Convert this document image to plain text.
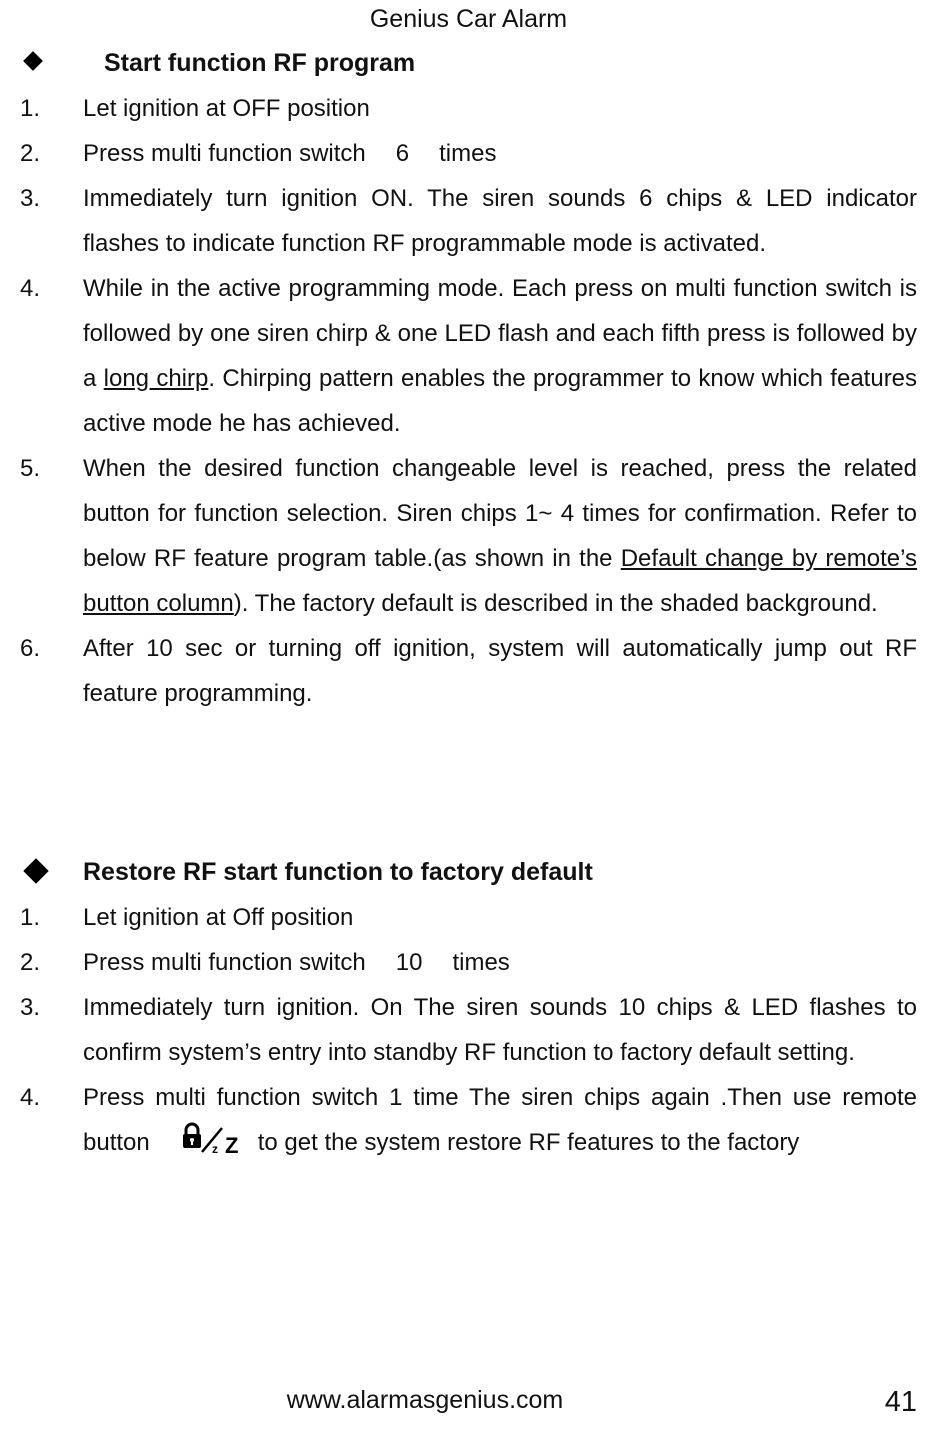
Genius Car Alarm
Start function RF program
1. Let ignition at OFF position
2. Press multi function switch 6 times
3. Immediately turn ignition ON. The siren sounds 6 chips & LED indicator flashes to indicate function RF programmable mode is activated.
4. While in the active programming mode. Each press on multi function switch is followed by one siren chirp & one LED flash and each fifth press is followed by a long chirp. Chirping pattern enables the programmer to know which features active mode he has achieved.
5. When the desired function changeable level is reached, press the related button for function selection. Siren chips 1~ 4 times for confirmation. Refer to below RF feature program table.(as shown in the Default change by remote’s button column). The factory default is described in the shaded background.
6. After 10 sec or turning off ignition, system will automatically jump out RF feature programming.
Restore RF start function to factory default
1. Let ignition at Off position
2. Press multi function switch 10 times
3. Immediately turn ignition. On The siren sounds 10 chips & LED flashes to confirm system’s entry into standby RF function to factory default setting.
4. Press multi function switch 1 time The siren chips again .Then use remote button	z Z to get the system restore RF features to the factory
www.alarmasgenius.com	41
